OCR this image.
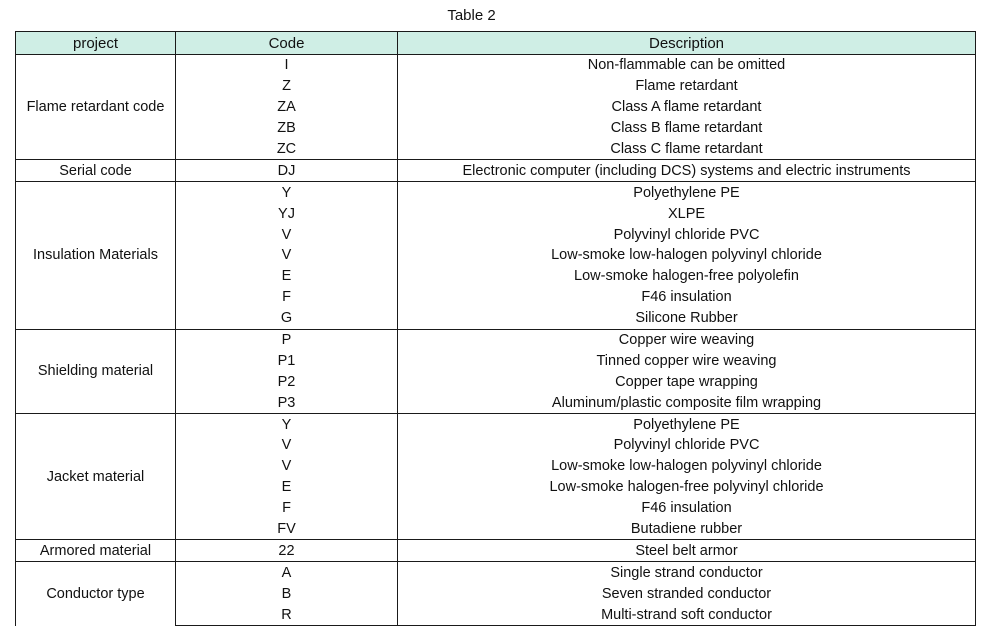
Table 2
project	Code	Description
Flame retardant code	I	Non-flammable can be omitted
	Z	Flame retardant
	ZA	Class A flame retardant
	ZB	Class B flame retardant
	ZC	Class C flame retardant
Serial code	DJ	Electronic computer (including DCS) systems and electric instruments
Insulation Materials	Y	Polyethylene PE
	YJ	XLPE
	V	Polyvinyl chloride PVC
	V	Low-smoke low-halogen polyvinyl chloride
	E	Low-smoke halogen-free polyolefin
	F	F46 insulation
	G	Silicone Rubber
Shielding material	P	Copper wire weaving
	P1	Tinned copper wire weaving
	P2	Copper tape wrapping
	P3	Aluminum/plastic composite film wrapping
Jacket material	Y	Polyethylene PE
	V	Polyvinyl chloride PVC
	V	Low-smoke low-halogen polyvinyl chloride
	E	Low-smoke halogen-free polyvinyl chloride
	F	F46 insulation
	FV	Butadiene rubber
Armored material	22	Steel belt armor
Conductor type	A	Single strand conductor
	B	Seven stranded conductor
	R	Multi-strand soft conductor
